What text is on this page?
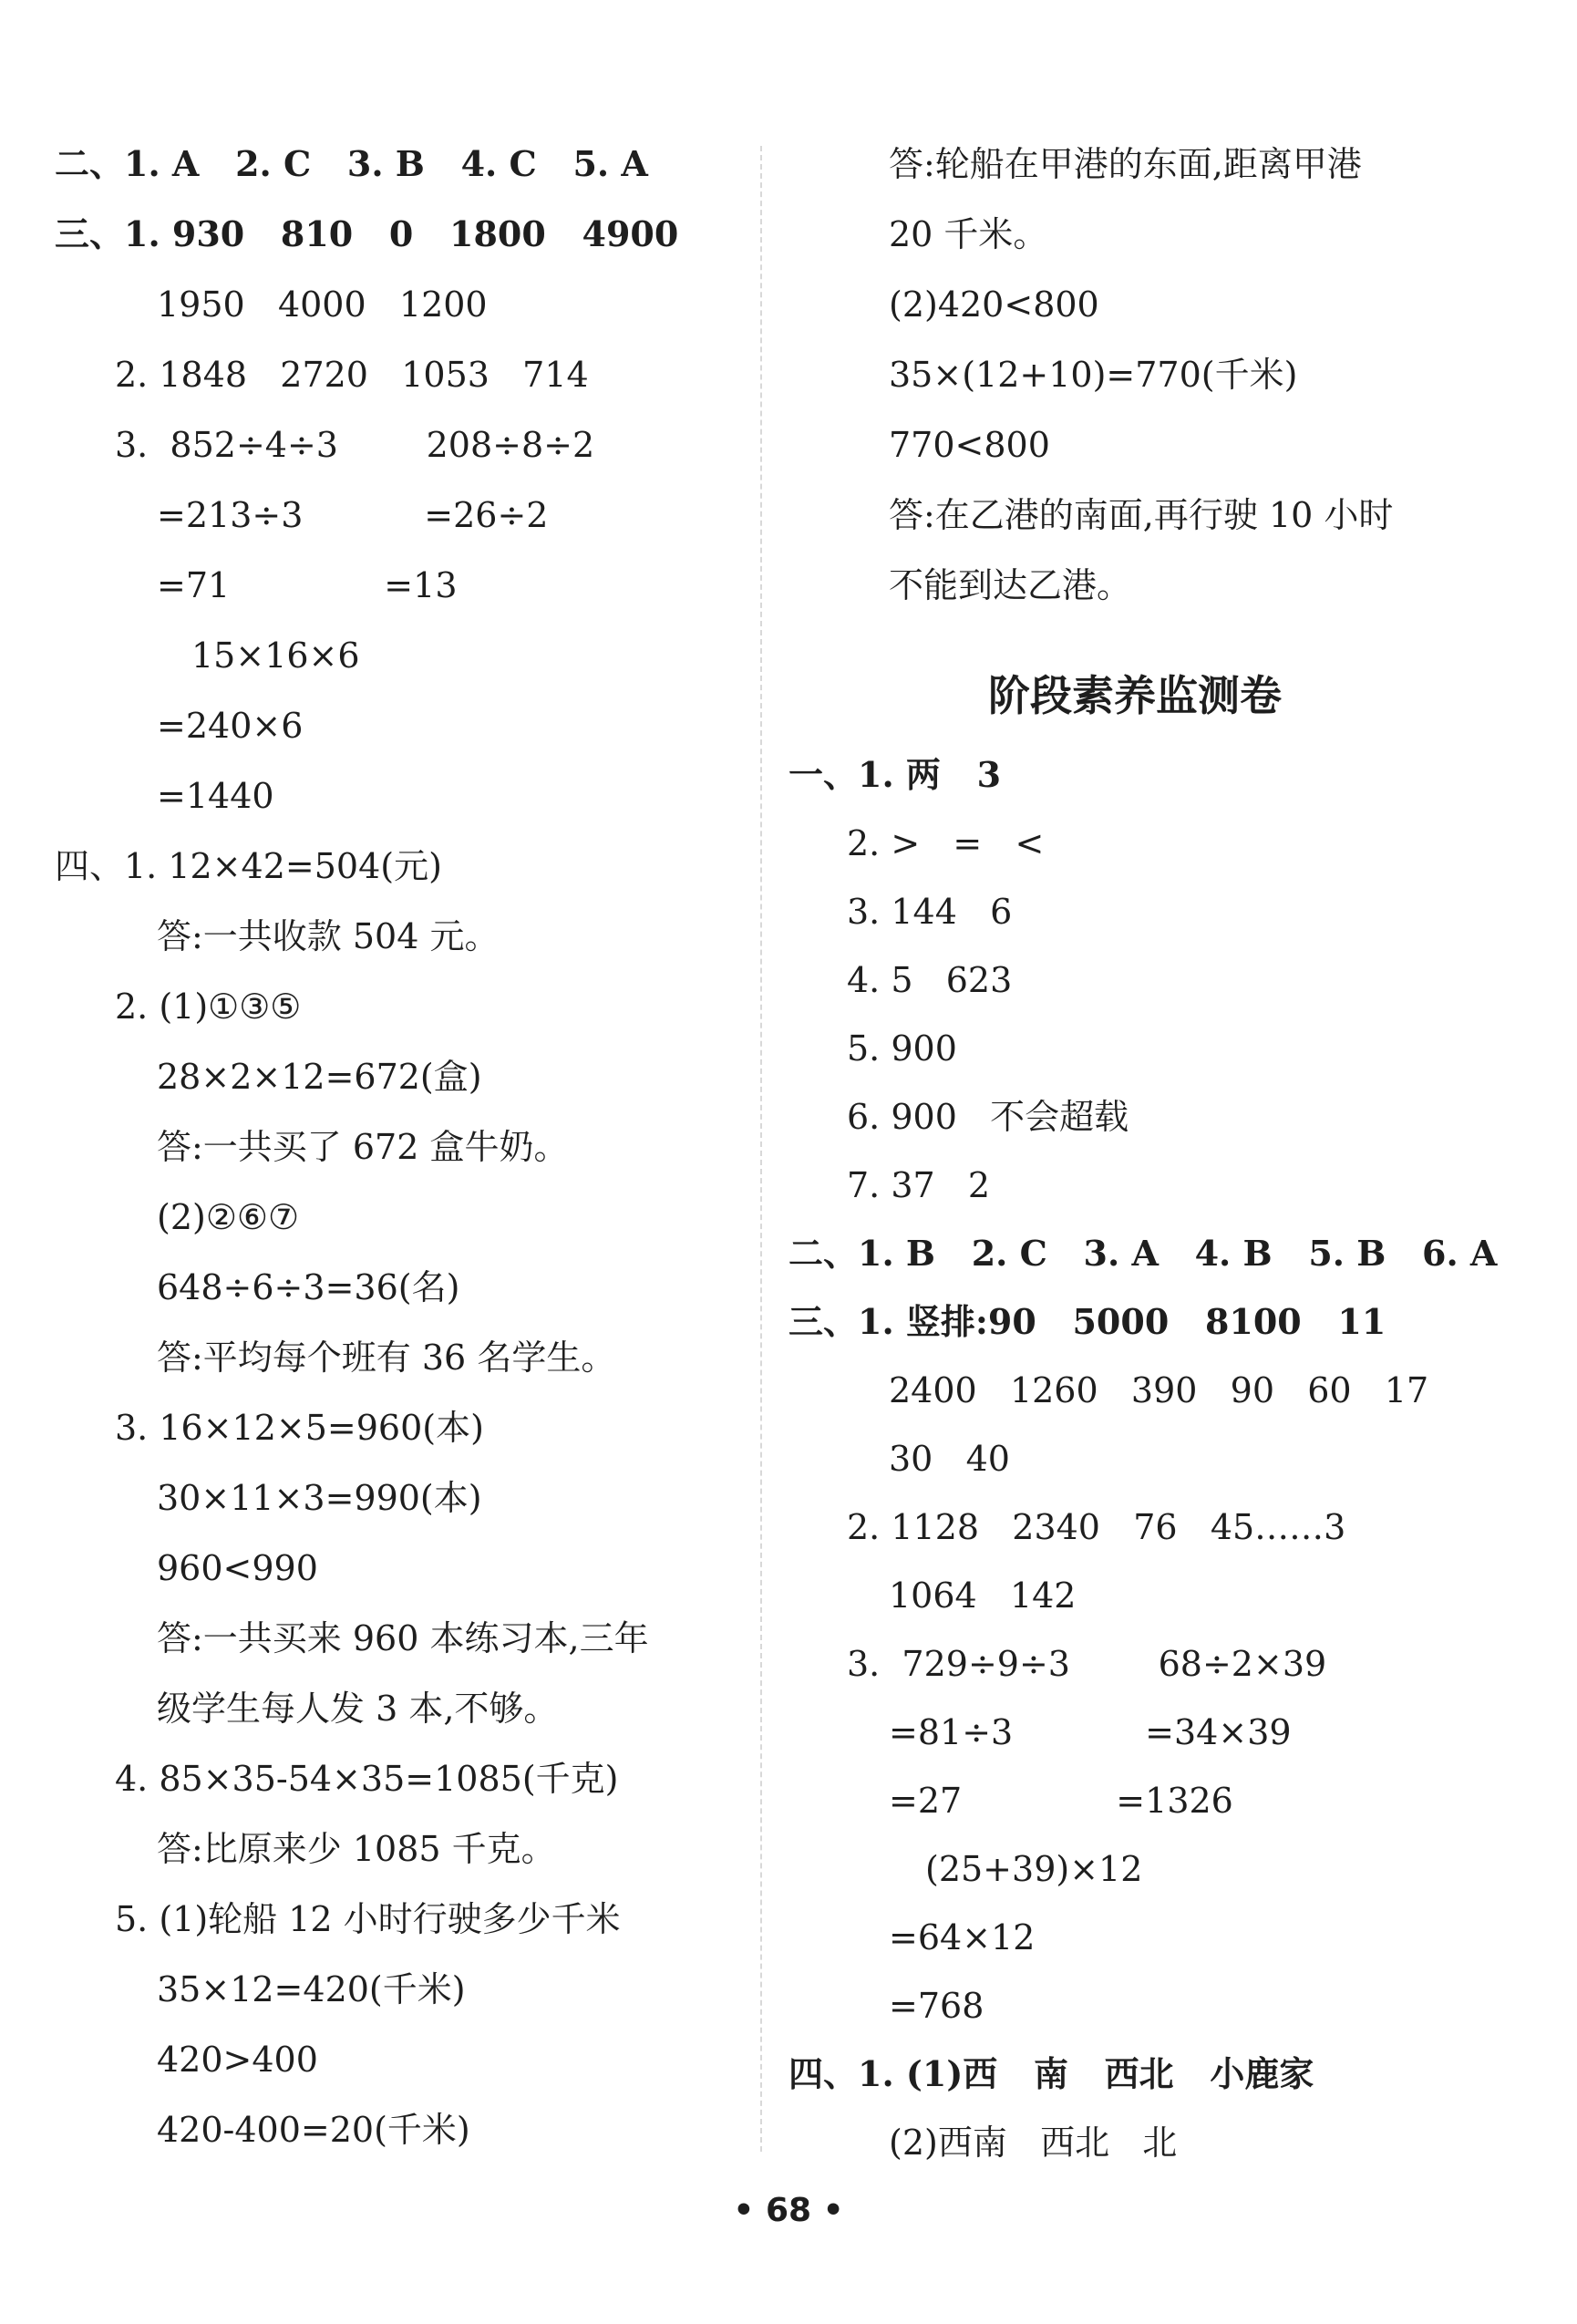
二、1. A   2. C   3. B   4. C   5. A
三、1. 930   810   0   1800   4900
1950   4000   1200
2. 1848   2720   1053   714
3.  852÷4÷3        208÷8÷2
=213÷3           =26÷2
=71              =13
15×16×6
=240×6
=1440
四、1. 12×42=504(元)
答:一共收款 504 元。
2. (1)①③⑤
28×2×12=672(盒)
答:一共买了 672 盒牛奶。
(2)②⑥⑦
648÷6÷3=36(名)
答:平均每个班有 36 名学生。
3. 16×12×5=960(本)
30×11×3=990(本)
960<990
答:一共买来 960 本练习本,三年
级学生每人发 3 本,不够。
4. 85×35-54×35=1085(千克)
答:比原来少 1085 千克。
5. (1)轮船 12 小时行驶多少千米
35×12=420(千米)
420>400
420-400=20(千米)
答:轮船在甲港的东面,距离甲港
20 千米。
(2)420<800
35×(12+10)=770(千米)
770<800
答:在乙港的南面,再行驶 10 小时
不能到达乙港。
阶段素养监测卷
一、1. 两   3
2. >   =   <
3. 144   6
4. 5   623
5. 900
6. 900   不会超载
7. 37   2
二、1. B   2. C   3. A   4. B   5. B   6. A
三、1. 竖排:90   5000   8100   11
2400   1260   390   90   60   17
30   40
2. 1128   2340   76   45……3
1064   142
3.  729÷9÷3        68÷2×39
=81÷3            =34×39
=27              =1326
(25+39)×12
=64×12
=768
四、1. (1)西   南   西北   小鹿家
(2)西南   西北   北
• 68 •
